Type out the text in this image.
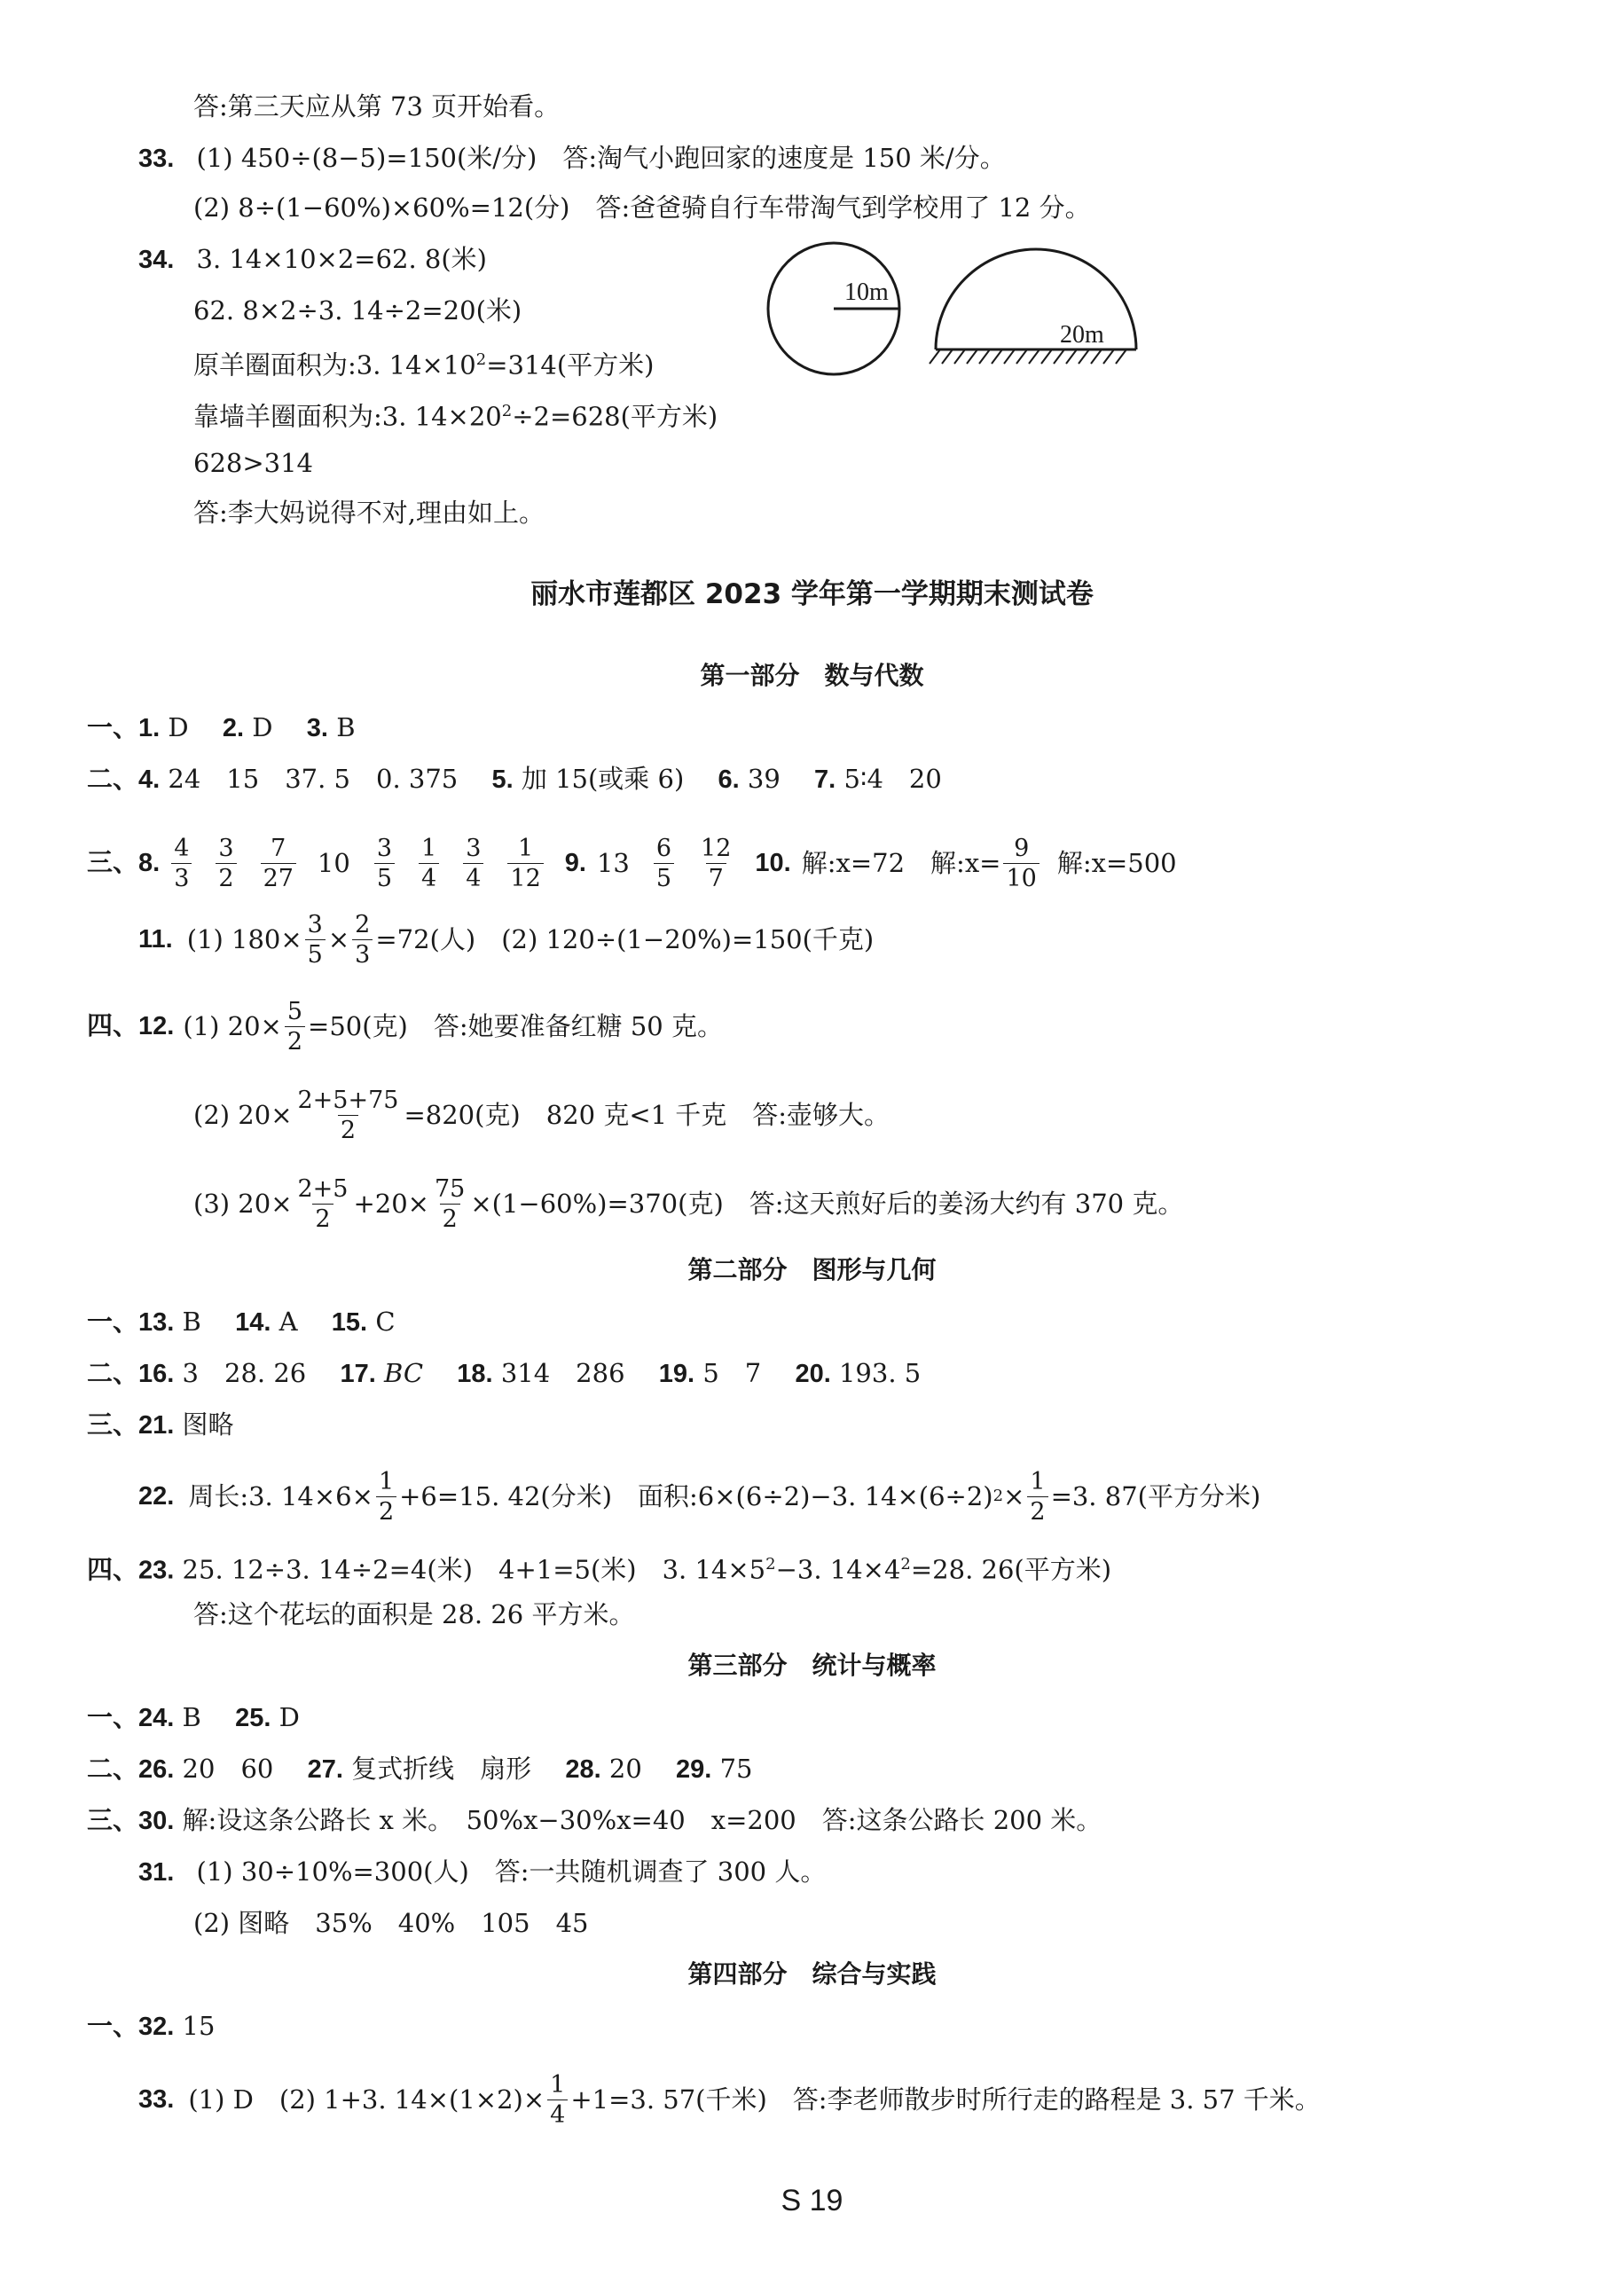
答:第三天应从第 73 页开始看。
33. (1) 450÷(8−5)=150(米/分)　答:淘气小跑回家的速度是 150 米/分。
(2) 8÷(1−60%)×60%=12(分)　答:爸爸骑自行车带淘气到学校用了 12 分。
34. 3. 14×10×2=62. 8(米)
62. 8×2÷3. 14÷2=20(米)
原羊圈面积为:3. $14\times 10^2=314$(平方米)
靠墙羊圈面积为:3. $14\times 20^2\div 2=628$(平方米)
628>314
答:李大妈说得不对,理由如上。
10m
20m
丽水市莲都区 2023 学年第一学期期末测试卷
第一部分　数与代数
一、1. D　 2. D　 3. B
二、4. 24　15　37. 5　0. 375　 5. 加 15(或乘 6)　 6. 39　 7. 5∶4　20
三、8. $\frac{4}{3} \frac{3}{2} \frac{7}{27} 10 \frac{3}{5} \frac{1}{4} \frac{3}{4} \frac{1}{12} 9$. $13 \frac{6}{5} \frac{12}{7} 10$. 解:x=72　解:x= $\frac{9}{10}$ 解:x=500
11. (1) $180\times \frac{3}{5} \times \frac{2}{3} =72$(人)　(2) 120÷(1−20%)=150(千克)
四、12. (1) $20\times \frac{5}{2} =50$(克)　答:她要准备红糖 50 克。
(2) $20\times \frac{2+5+75}{2} =820$(克)　820 克<1 千克　答:壶够大。
(3) $20\times \frac{2+5}{2} +20\times \frac{75}{2} \times(1-60\%)=370$(克)　答:这天煎好后的姜汤大约有 370 克。
第二部分　图形与几何
一、13. B　 14. A　 15. C
二、16. 3　28. 26　 17. BC　 18. 314　286　 19. 5　7　 20. 193. 5
三、21. 图略
22. 周长:3. $14\times 6\times \frac{1}{2} +6=15$. 42(分米)　面积:6×(6÷2)−3. 14×(6÷2) $2 \times \frac{1}{2} =3$. 87(平方分米)
四、23. 25. 12÷3. 14÷2=4(米)　4+1=5(米)　3. $14\times 5^2-3$. $14\times 4^2=28$. 26(平方米)
答:这个花坛的面积是 28. 26 平方米。
第三部分　统计与概率
一、24. B　 25. D
二、26. 20　60　 27. 复式折线　扇形　 28. 20　 29. 75
三、30. 解:设这条公路长 x 米。　50%x−30%x=40　x=200　答:这条公路长 200 米。
31. (1) 30÷10%=300(人)　答:一共随机调查了 300 人。
(2) 图略　35%　40%　105　45
第四部分　综合与实践
一、32. 15
33. (1) D　(2) 1+3. $14\times(1\times 2)\times \frac{1}{4} +1=3$. 57(千米)　答:李老师散步时所行走的路程是 3. 57 千米。
S 19
